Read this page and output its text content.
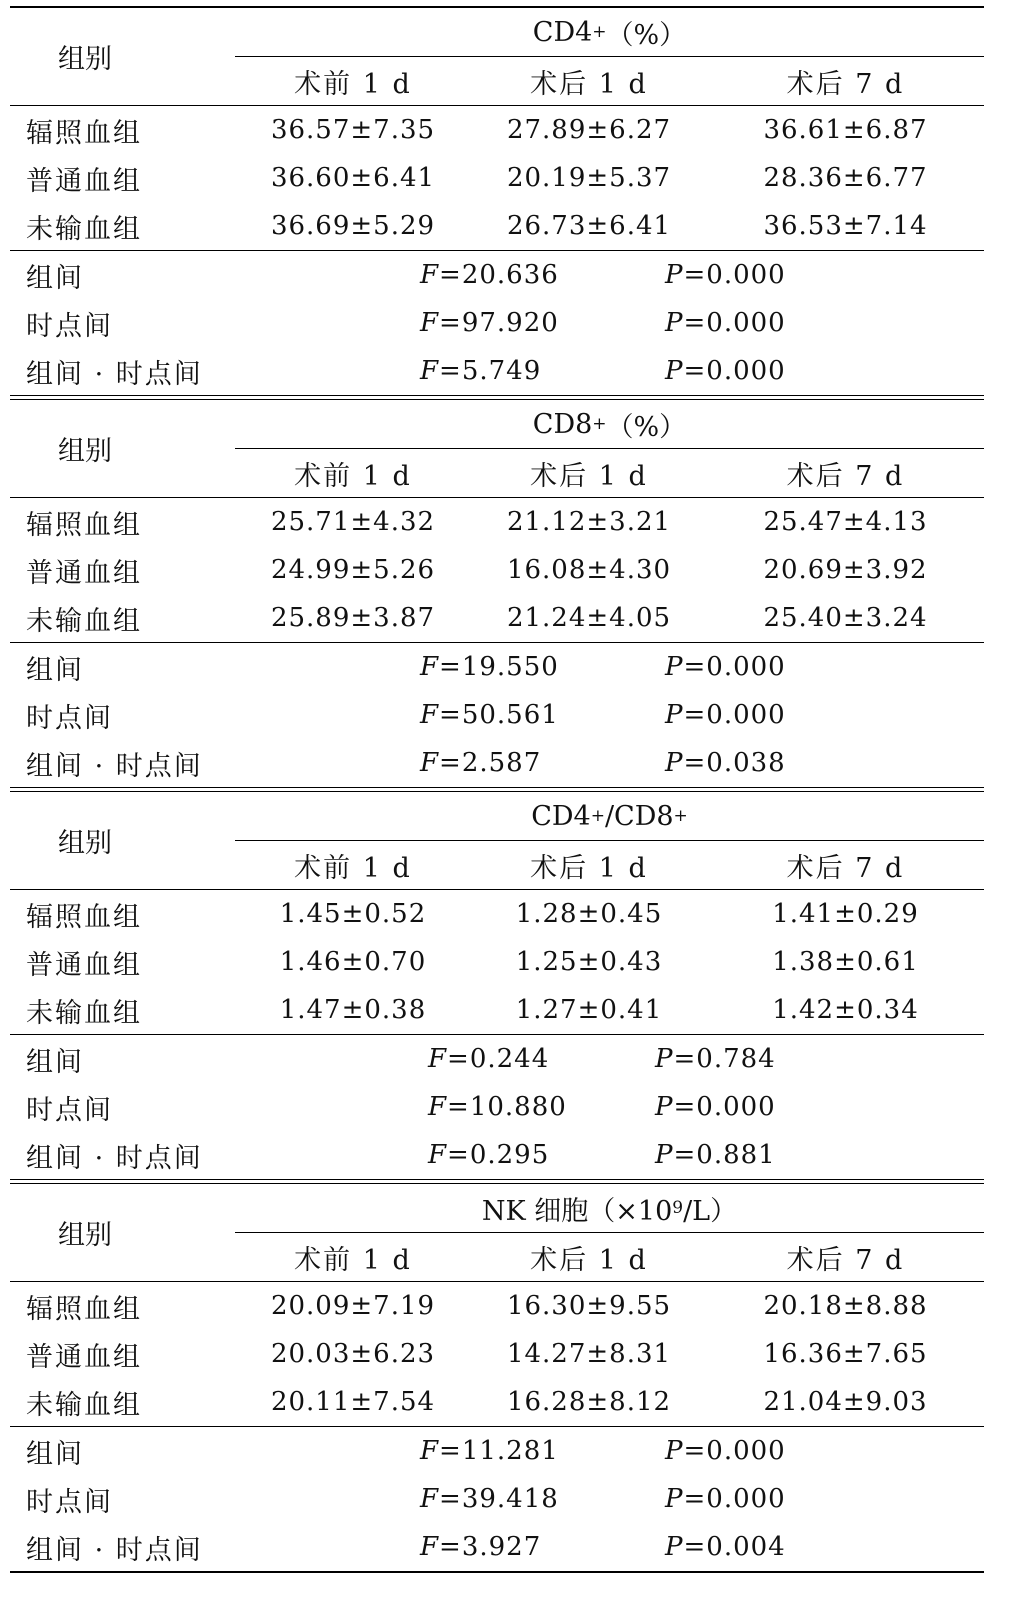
组别
CD4 + （%）
术前 1 d	术后 1 d	术后 7 d
辐照血组	36.57±7.35	27.89±6.27	36.61±6.87
普通血组	36.60±6.41	20.19±5.37	28.36±6.77
未输血组	36.69±5.29	26.73±6.41	36.53±7.14
组间	F=20.636	P=0.000
时点间	F=97.920	P=0.000
组间 · 时点间	F=5.749	P=0.000
组别
CD8 + （%）
术前 1 d	术后 1 d	术后 7 d
辐照血组	25.71±4.32	21.12±3.21	25.47±4.13
普通血组	24.99±5.26	16.08±4.30	20.69±3.92
未输血组	25.89±3.87	21.24±4.05	25.40±3.24
组间	F=19.550	P=0.000
时点间	F=50.561	P=0.000
组间 · 时点间	F=2.587	P=0.038
组别
CD4 + /CD8 +
术前 1 d	术后 1 d	术后 7 d
辐照血组	1.45±0.52	1.28±0.45	1.41±0.29
普通血组	1.46±0.70	1.25±0.43	1.38±0.61
未输血组	1.47±0.38	1.27±0.41	1.42±0.34
组间	F=0.244	P=0.784
时点间	F=10.880	P=0.000
组间 · 时点间	F=0.295	P=0.881
组别
NK 细胞（×10 9 /L）
术前 1 d	术后 1 d	术后 7 d
辐照血组	20.09±7.19	16.30±9.55	20.18±8.88
普通血组	20.03±6.23	14.27±8.31	16.36±7.65
未输血组	20.11±7.54	16.28±8.12	21.04±9.03
组间	F=11.281	P=0.000
时点间	F=39.418	P=0.000
组间 · 时点间	F=3.927	P=0.004
